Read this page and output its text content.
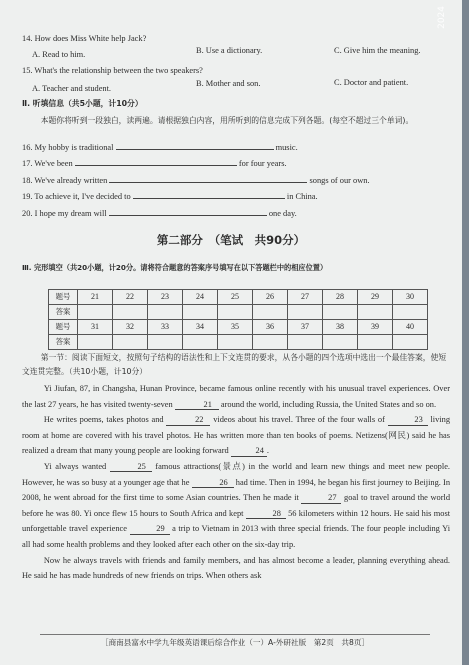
2024
14. How does Miss White help Jack?
A. Read to him.	B. Use a dictionary.	C. Give him the meaning.
15. What's the relationship between the two speakers?
A. Teacher and student.
B. Mother and son.	C. Doctor and patient.
Ⅱ. 听填信息（共5小题，计10分）
本题你将听到一段独白，读两遍。请根据独白内容，用所听到的信息完成下列各题。(每空不超过三个单词)。
16. My hobby is traditional	music.
17. We've been	for four years.
18. We've already written	songs of our own.
19. To achieve it, I've decided to	in China.
20. I hope my dream will	one day.
第二部分　（笔试　共90分）
Ⅲ. 完形填空（共20小题，计20分。请将符合题意的答案序号填写在以下答题栏中的相应位置）
题号	21	22	23	24	25	26	27	28	29	30
答案										
题号	31	32	33	34	35	36	37	38	39	40
答案										
第一节：阅读下面短文，按照句子结构的语法性和上下文连贯的要求，从各小题的四个选项中选出一个最佳答案，使短文连贯完整。（共10小题，计10分）

Yi Jiufan, 87, in Changsha, Hunan Province, became famous online recently with his unusual travel experiences. Over the last 27 years, he has visited twenty-seven	21 around the world, including Russia, the United States and so on.

He writes poems, takes photos and	22 videos about his travel. Three of the four walls of	23 living room at home are covered with his travel photos. He has written more than ten books of poems. Netizens(网民) said he has realized a dream that many young people are looking forward	24 .

Yi always wanted	25 famous attractions(景点) in the world and learn new things and meet new people. However, he was so busy at a younger age that he	26 had time. Then in 1994, he began his first journey to Beijing. In 2008, he went abroad for the first time to some Asian countries. Then he made it	27 goal to travel around the world before he was 80. Yi once flew 15 hours to South Africa and kept	28 56 kilometers within 12 hours. He said his most unforgettable travel experience	29 a trip to Vietnam in 2013 with three special friends. The four people including Yi all had some health problems and they looked after each other on the six-day trip.

Now he always travels with friends and family members, and has almost become a leader, planning everything ahead. He said he has made hundreds of new friends on trips. When others ask

［商南县富水中学九年级英语课后综合作业（一）A-外研社版　第2页　共8页］
